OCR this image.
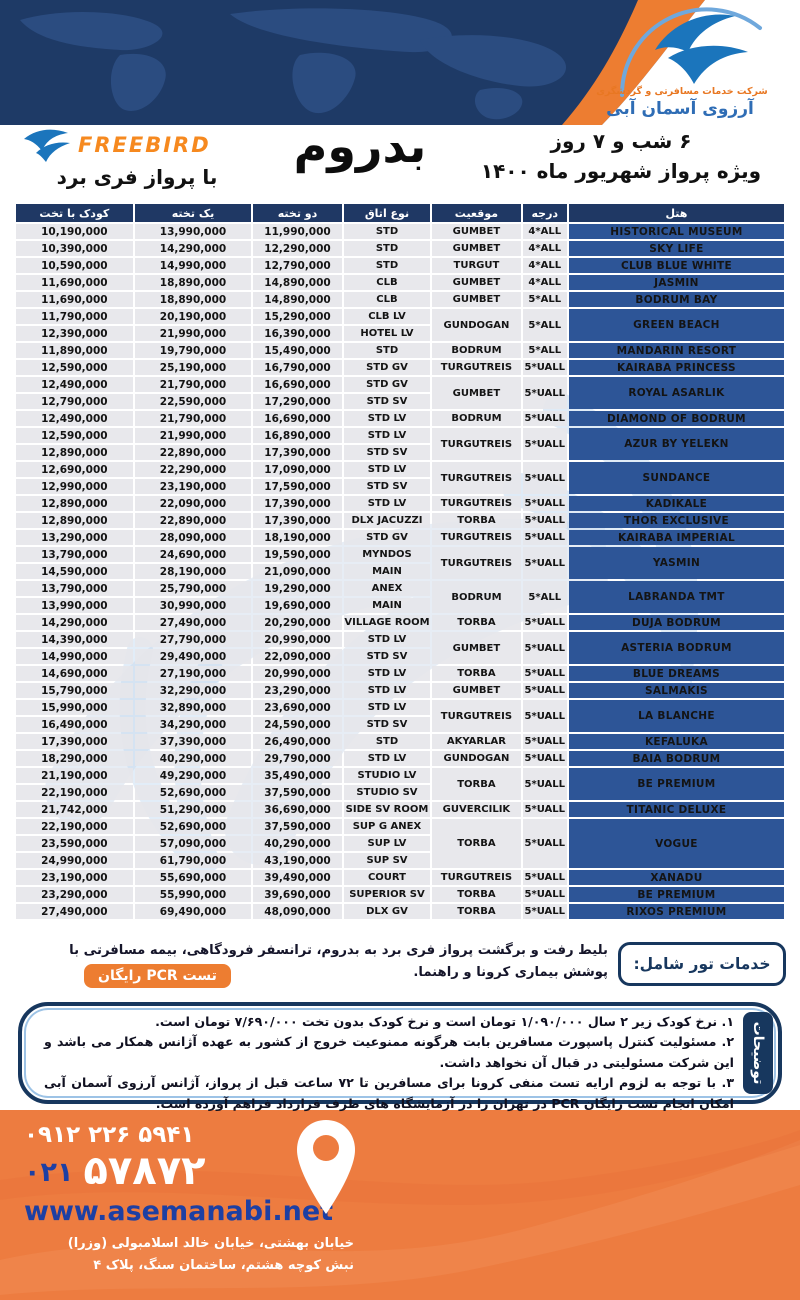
شرکت خدمات مسافرتی و گردشگری
آرزوی آسمان آبی
FREEBIRD
با پرواز فری برد
بدروم	۶ شب و ۷ روز
ویژه پرواز شهریور ماه ۱۴۰۰
هتل	درجه	موقعیت	نوع اتاق	دو تخته	یک تخته	کودک با تخت
HISTORICAL MUSEUM	4*ALL	GUMBET	STD	11,990,000	13,990,000	10,190,000
SKY LIFE	4*ALL	GUMBET	STD	12,290,000	14,290,000	10,390,000
CLUB BLUE WHITE	4*ALL	TURGUT	STD	12,790,000	14,990,000	10,590,000
JASMIN	4*ALL	GUMBET	CLB	14,890,000	18,890,000	11,690,000
BODRUM BAY	5*ALL	GUMBET	CLB	14,890,000	18,890,000	11,690,000
GREEN BEACH	5*ALL	GUNDOGAN	CLB LV	15,290,000	20,190,000	11,790,000
			HOTEL LV	16,390,000	21,990,000	12,390,000
MANDARIN RESORT	5*ALL	BODRUM	STD	15,490,000	19,790,000	11,890,000
KAIRABA PRINCESS	5*UALL	TURGUTREIS	STD GV	16,790,000	25,190,000	12,590,000
ROYAL ASARLIK	5*UALL	GUMBET	STD GV	16,690,000	21,790,000	12,490,000
			STD SV	17,290,000	22,590,000	12,790,000
DIAMOND OF BODRUM	5*UALL	BODRUM	STD LV	16,690,000	21,790,000	12,490,000
AZUR BY YELEKN	5*UALL	TURGUTREIS	STD LV	16,890,000	21,990,000	12,590,000
			STD SV	17,390,000	22,890,000	12,890,000
SUNDANCE	5*UALL	TURGUTREIS	STD LV	17,090,000	22,290,000	12,690,000
			STD SV	17,590,000	23,190,000	12,990,000
KADIKALE	5*UALL	TURGUTREIS	STD LV	17,390,000	22,090,000	12,890,000
THOR EXCLUSIVE	5*UALL	TORBA	DLX JACUZZI	17,390,000	22,890,000	12,890,000
KAIRABA IMPERIAL	5*UALL	TURGUTREIS	STD GV	18,190,000	28,090,000	13,290,000
YASMIN	5*UALL	TURGUTREIS	MYNDOS	19,590,000	24,690,000	13,790,000
			MAIN	21,090,000	28,190,000	14,590,000
LABRANDA TMT	5*ALL	BODRUM	ANEX	19,290,000	25,790,000	13,790,000
			MAIN	19,690,000	30,990,000	13,990,000
DUJA BODRUM	5*UALL	TORBA	VILLAGE ROOM	20,290,000	27,490,000	14,290,000
ASTERIA BODRUM	5*UALL	GUMBET	STD LV	20,990,000	27,790,000	14,390,000
			STD SV	22,090,000	29,490,000	14,990,000
BLUE DREAMS	5*UALL	TORBA	STD LV	20,990,000	27,190,000	14,690,000
SALMAKIS	5*UALL	GUMBET	STD LV	23,290,000	32,290,000	15,790,000
LA BLANCHE	5*UALL	TURGUTREIS	STD LV	23,690,000	32,890,000	15,990,000
			STD SV	24,590,000	34,290,000	16,490,000
KEFALUKA	5*UALL	AKYARLAR	STD	26,490,000	37,390,000	17,390,000
BAIA BODRUM	5*UALL	GUNDOGAN	STD LV	29,790,000	40,290,000	18,290,000
BE PREMIUM	5*UALL	TORBA	STUDIO LV	35,490,000	49,290,000	21,190,000
			STUDIO SV	37,590,000	52,690,000	22,190,000
TITANIC DELUXE	5*UALL	GUVERCILIK	SIDE SV ROOM	36,690,000	51,290,000	21,742,000
VOGUE	5*UALL	TORBA	SUP G ANEX	37,590,000	52,690,000	22,190,000
			SUP LV	40,290,000	57,090,000	23,590,000
			SUP SV	43,190,000	61,790,000	24,990,000
XANADU	5*UALL	TURGUTREIS	COURT	39,490,000	55,690,000	23,190,000
BE PREMIUM	5*UALL	TORBA	SUPERIOR SV	39,690,000	55,990,000	23,290,000
RIXOS PREMIUM	5*UALL	TORBA	DLX GV	48,090,000	69,490,000	27,490,000
خدمات تور شامل:
بلیط رفت و برگشت پرواز فری برد به بدروم، ترانسفر فرودگاهی، بیمه مسافرتی با پوشش بیماری کرونا و راهنما.
تست PCR رایگان
توضیحات
۱. نرخ کودک زیر ۲ سال ۱/۰۹۰/۰۰۰ تومان است و نرخ کودک بدون تخت ۷/۶۹۰/۰۰۰ تومان است.
۲. مسئولیت کنترل پاسپورت مسافرین بابت هرگونه ممنوعیت خروج از کشور به عهده آژانس همکار می باشد و این شرکت مسئولیتی در قبال آن نخواهد داشت.
۳. با توجه به لزوم ارایه تست منفی کرونا برای مسافرین تا ۷۲ ساعت قبل از پرواز، آژانس آرزوی آسمان آبی امکان انجام تست رایگان PCR در تهران را در آزمایشگاه های طرف قرارداد فراهم آورده است.
۰۹۱۲ ۲۲۶ ۵۹۴۱
۰۲۱ ۵۷۸۷۲
www.asemanabi.net
خیابان بهشتی، خیابان خالد اسلامبولی (وزرا)
نبش کوچه هشتم، ساختمان سنگ، پلاک ۴
